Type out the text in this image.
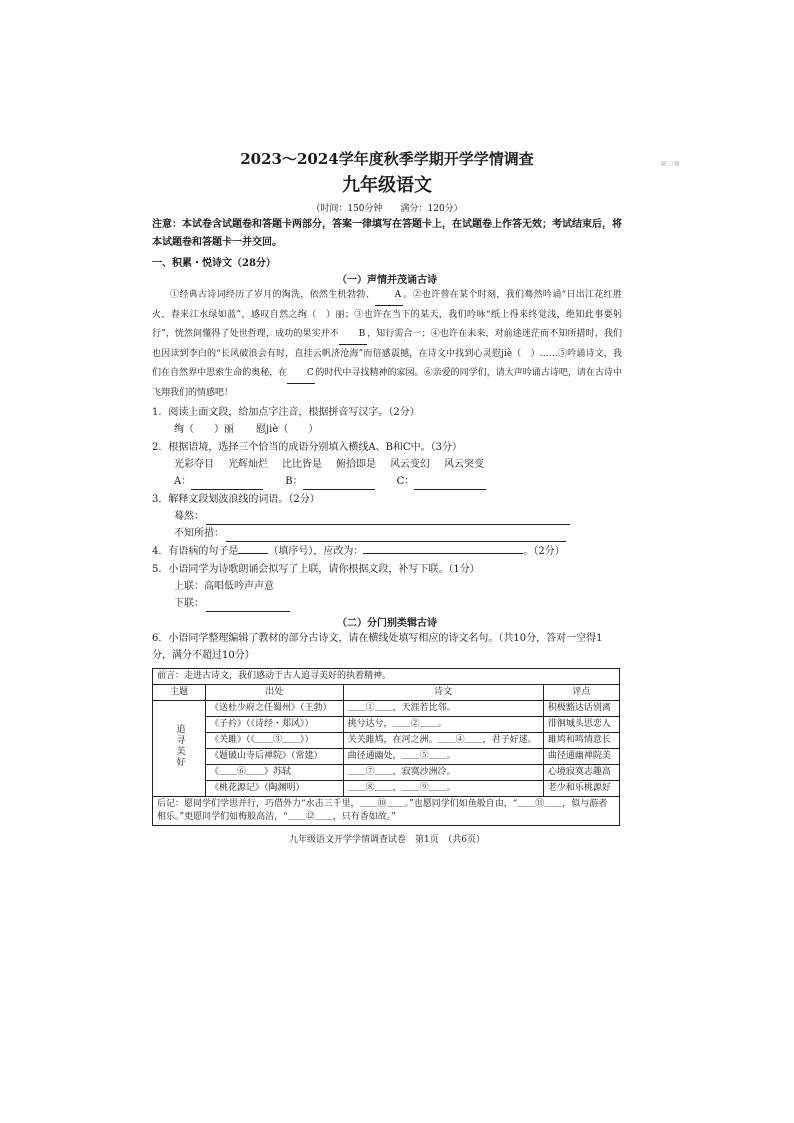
▪▫▪
2023～2024学年度秋季学期开学学情调查
九年级语文
（时间：150分钟　　满分：120分）
注意：本试卷含试题卷和答题卡两部分，答案一律填写在答题卡上，在试题卷上作答无效；考试结束后，将本试题卷和答题卡一并交回。
一、积累・悦诗文（28分）
（一）声情并茂诵古诗
①经典古诗词经历了岁月的淘洗，依然生机勃勃、 A 。②也许曾在某个时刻，我们蓦然吟诵“日出江花红胜火，春来江水绿如蓝”，感叹自然之绚（　）丽；③也许在当下的某天，我们吟咏“纸上得来终觉浅，绝知此事要躬行”，恍然间懂得了处世哲理，成功的果实并不 B ，知行需合一；④也许在未来，对前途迷茫而不知所措时，我们也因读到李白的“长风破浪会有时，直挂云帆济沧海”而倍感震撼，在诗文中找到心灵慰jiè（　）……⑤吟诵诗文，我们在自然界中思索生命的奥秘，在 C 的时代中寻找精神的家园。⑥亲爱的同学们，请大声吟诵古诗吧，请在古诗中飞翔我们的情感吧！
1．阅读上面文段，给加点字注音，根据拼音写汉字。（2分）
绚（　　）丽 慰jiè（　　）
2．根据语境，选择三个恰当的成语分别填入横线A、B和C中。（3分）
光彩夺目 光辉灿烂 比比皆是 俯拾即是 风云变幻 风云突变
A：	B：	C：
3．解释文段划波浪线的词语。（2分）
蓦然：
不知所措：
4．有语病的句子是	（填序号），应改为：	。（2分）
5．小语同学为诗歌朗诵会拟写了上联，请你根据文段，补写下联。（1分）
上联：高唱低吟声声意
下联：
（二）分门别类辑古诗
6．小语同学整理编辑了教材的部分古诗文，请在横线处填写相应的诗文名句。（共10分，答对一空得1分，满分不超过10分）
前言：走进古诗文，我们感动于古人追寻美好的执着精神。			
主题	出处	诗文	评点
追寻美好	《送杜少府之任蜀州》（王勃）	＿＿①＿＿，天涯若比邻。	积极豁达话别离
	《子衿》（《诗经・郑风》）	挑兮达兮，＿＿②＿＿。	徘徊城头思恋人
	《关雎》（《＿＿③＿＿》）	关关雎鸠，在河之洲。＿＿④＿＿，君子好逑。	雎鸠和鸣情意长
	《题破山寺后禅院》（常建）	曲径通幽处，＿＿⑤＿＿。	曲径通幽禅院美
	《＿＿⑥＿＿》苏轼	＿＿⑦＿＿，寂寞沙洲冷。	心境寂寞志趣高
	《桃花源记》（陶渊明）	＿＿⑧＿＿，＿＿⑨＿＿。	老少和乐桃源好
后记：愿同学们学思并行，巧借外力“水击三千里，＿＿⑩＿＿。”也愿同学们如鱼般自由，“＿＿⑪＿＿，似与游者相乐。”更愿同学们如梅般高洁，“＿＿⑫＿＿，只有香如故。”			
九年级语文开学学情调查试卷　第1页　（共6页）
